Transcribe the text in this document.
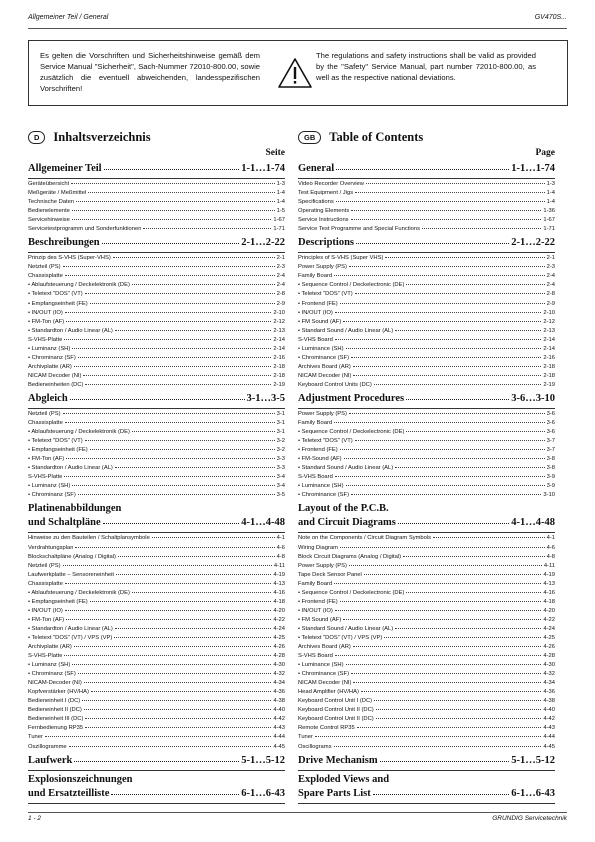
Allgemeiner Teil / General	GV470S...
Es gelten die Vorschriften und Sicherheitshinweise gemäß dem Service Manual "Sicherheit", Sach-Nummer 72010-800.00, sowie zusätzlich die eventuell abweichenden, landesspezifischen Vorschriften!
The regulations and safety instructions shall be valid as provided by the "Safety" Service Manual, part number 72010-800.00, as well as the respective national deviations.
D	Inhaltsverzeichnis
Seite
Allgemeiner Teil	1-1…1-74
Geräteübersicht	1-3
Meßgeräte / Meßmittel	1-4
Technische Daten	1-4
Bedienelemente	1-5
Servicehinweise	1-67
Servicetestprogramm und Sonderfunktionen	1-71
Beschreibungen	2-1…2-22
Prinzip des S-VHS (Super-VHS)	2-1
Netzteil (PS)	2-3
Chassisplatte	2-4
• Ablaufsteuerung / Deckelektronik (DE)	2-4
• Teletext "DOS" (VT)	2-8
• Empfangseinheit (FE)	2-9
• IN/OUT (IO)	2-10
• FM-Ton (AF)	2-12
• Standardton / Audio Linear (AL)	2-13
S-VHS-Platte	2-14
• Luminanz (SH)	2-14
• Chrominanz (SF)	2-16
Archivplatte (AR)	2-18
NICAM Decoder (NI)	2-18
Bedieneinheiten (DC)	2-19
Abgleich	3-1…3-5
Netzteil (PS)	3-1
Chassisplatte	3-1
• Ablaufsteuerung / Deckelektronik (DE)	3-1
• Teletext "DOS" (VT)	3-2
• Empfangseinheit (FE)	3-2
• FM-Ton (AF)	3-3
• Standardton / Audio Linear (AL)	3-3
S-VHS-Platte	3-4
• Luminanz (SH)	3-4
• Chrominanz (SF)	3-5
Platinenabbildungen
und Schaltpläne	4-1…4-48
Hinweise zu den Bauteilen / Schaltplansymbole	4-1
Verdrahtungsplan	4-6
Blockschaltpläne (Analog / Digital)	4-8
Netzteil (PS)	4-11
Laufwerkplatte – Sensoreneinheit	4-19
Chassisplatte	4-13
• Ablaufsteuerung / Deckelektronik (DE)	4-16
• Empfangseinheit (FE)	4-18
• IN/OUT (IO)	4-20
• FM-Ton (AF)	4-22
• Standardton / Audio Linear (AL)	4-24
• Teletext "DOS" (VT) / VPS (VP)	4-25
Archivplatte (AR)	4-26
S-VHS-Platte	4-28
• Luminanz (SH)	4-30
• Chrominanz (SF)	4-32
NICAM-Decoder (NI)	4-34
Kopfverstärker (HV/HA)	4-36
Bedieneinheit I (DC)	4-38
Bedieneinheit II (DC)	4-40
Bedieneinheit III (DC)	4-42
Fernbedienung RP35	4-43
Tuner	4-44
Oszillogramme	4-45
Laufwerk	5-1…5-12
Explosionszeichnungen
und Ersatzteilliste	6-1…6-43
GB	Table of Contents
Page
General	1-1…1-74
Video Recorder Overview	1-3
Test Equipment / Jigs	1-4
Specifications	1-4
Operating Elements	1-36
Service Instructions	1-67
Service Test Programme and Special Functions	1-71
Descriptions	2-1…2-22
Principles of S-VHS (Super VHS)	2-1
Power Supply (PS)	2-3
Family Board	2-4
• Sequence Control / Deckelectronic (DE)	2-4
• Teletext "DOS" (VT)	2-8
• Frontend (FE)	2-9
• IN/OUT (IO)	2-10
• FM Sound (AF)	2-12
• Standard Sound / Audio Linear (AL)	2-13
S-VHS Board	2-14
• Luminance (SH)	2-14
• Chrominance (SF)	2-16
Archives Board (AR)	2-18
NICAM Decoder (NI)	2-18
Keyboard Control Units (DC)	2-19
Adjustment Procedures	3-6…3-10
Power Supply (PS)	3-6
Family Board	3-6
• Sequence Control / Deckelectronic (DE)	3-6
• Teletext "DOS" (VT)	3-7
• Frontend (FE)	3-7
• FM-Sound (AF)	3-8
• Standard Sound / Audio Linear (AL)	3-8
S-VHS Board	3-9
• Luminance (SH)	3-9
• Chrominance (SF)	3-10
Layout of the P.C.B.
and Circuit Diagrams	4-1…4-48
Note on the Components / Circuit Diagram Symbols	4-1
Wiring Diagram	4-6
Block Circuit Diagrams (Analog / Digital)	4-8
Power Supply (PS)	4-11
Tape Deck Sensor Panel	4-19
Family Board	4-13
• Sequence Control / Deckelectronic (DE)	4-16
• Frontend (FE)	4-18
• IN/OUT (IO)	4-20
• FM Sound (AF)	4-22
• Standard Sound / Audio Linear (AL)	4-24
• Teletext "DOS" (VT) / VPS (VP)	4-25
Archives Board (AR)	4-26
S-VHS Board	4-28
• Luminance (SH)	4-30
• Chrominance (SF)	4-32
NICAM Decoder (NI)	4-34
Head Amplifier (HV/HA)	4-36
Keyboard Control Unit I (DC)	4-38
Keyboard Control Unit II (DC)	4-40
Keyboard Control Unit II (DC)	4-42
Remote Control RP35	4-43
Tuner	4-44
Oscillograms	4-45
Drive Mechanism	5-1…5-12
Exploded Views and
Spare Parts List	6-1…6-43
1 - 2	GRUNDIG Servicetechnik
